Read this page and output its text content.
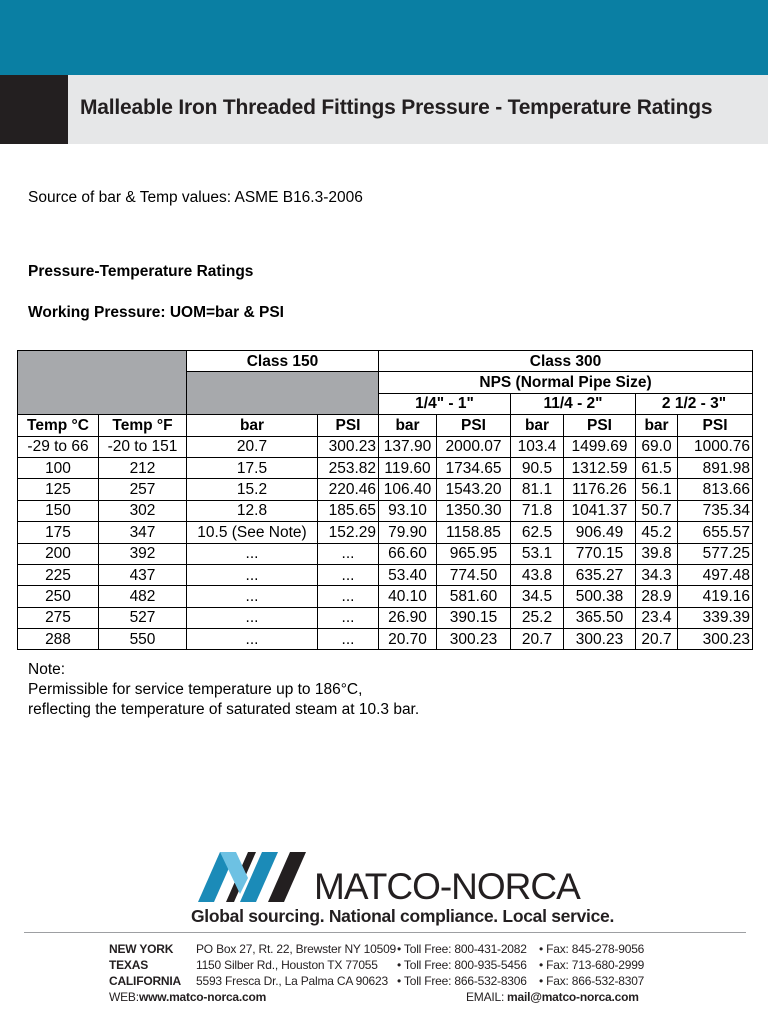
Malleable Iron Threaded Fittings Pressure - Temperature Ratings
Source of bar & Temp values: ASME B16.3-2006
Pressure-Temperature Ratings
Working Pressure: UOM=bar & PSI
		Class 150		Class 300					
				NPS (Normal Pipe Size)					
				1/4" - 1"		11/4 - 2"		2 1/2 - 3"	
Temp °C	Temp °F	bar	PSI	bar	PSI	bar	PSI	bar	PSI
-29 to 66	-20 to 151	20.7	300.23	137.90	2000.07	103.4	1499.69	69.0	1000.76
100	212	17.5	253.82	119.60	1734.65	90.5	1312.59	61.5	891.98
125	257	15.2	220.46	106.40	1543.20	81.1	1176.26	56.1	813.66
150	302	12.8	185.65	93.10	1350.30	71.8	1041.37	50.7	735.34
175	347	10.5 (See Note)	152.29	79.90	1158.85	62.5	906.49	45.2	655.57
200	392	...	...	66.60	965.95	53.1	770.15	39.8	577.25
225	437	...	...	53.40	774.50	43.8	635.27	34.3	497.48
250	482	...	...	40.10	581.60	34.5	500.38	28.9	419.16
275	527	...	...	26.90	390.15	25.2	365.50	23.4	339.39
288	550	...	...	20.70	300.23	20.7	300.23	20.7	300.23
Note:
Permissible for service temperature up to 186°C,
reflecting the temperature of saturated steam at 10.3 bar.
MATCO-NORCA
Global sourcing. National compliance. Local service.
NEW YORK PO Box 27, Rt. 22, Brewster NY 10509 • Toll Free: 800-431-2082 • Fax: 845-278-9056
TEXAS	1150 Silber Rd., Houston TX 77055 • Toll Free: 800-935-5456 • Fax: 713-680-2999
CALIFORNIA 5593 Fresca Dr., La Palma CA 90623 • Toll Free: 866-532-8306 • Fax: 866-532-8307
WEB: www.matco-norca.com	EMAIL: mail@matco-norca.com
